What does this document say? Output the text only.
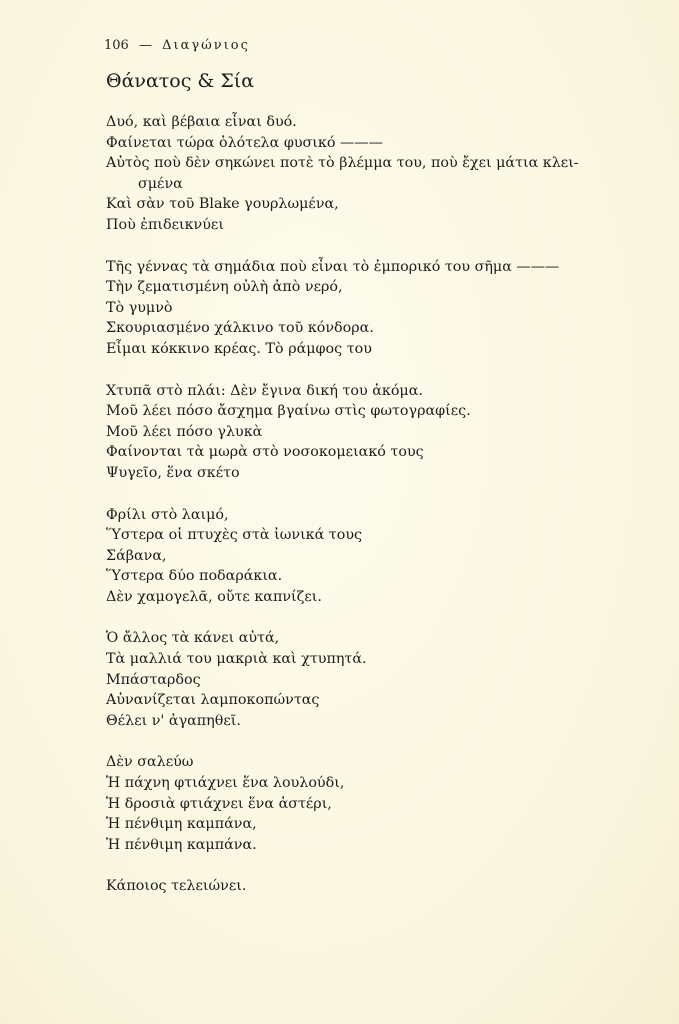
106 — Διαγώνιος
Θάνατος & Σία
Δυό, καὶ βέβαια εἶναι δυό.
Φαίνεται τώρα ὁλότελα φυσικό ———
Αὐτὸς ποὺ δὲν σηκώνει ποτὲ τὸ βλέμμα του, ποὺ ἔχει μάτια κλει-
σμένα
Καὶ σὰν τοῦ Blake γουρλωμένα,
Ποὺ ἐπιδεικνύει
Τῆς γέννας τὰ σημάδια ποὺ εἶναι τὸ ἐμπορικό του σῆμα ———
Τὴν ζεματισμένη οὐλὴ ἀπὸ νερό,
Τὸ γυμνὸ
Σκουριασμένο χάλκινο τοῦ κόνδορα.
Εἶμαι κόκκινο κρέας. Τὸ ράμφος του
Χτυπᾶ στὸ πλάι: Δὲν ἔγινα δική του ἀκόμα.
Μοῦ λέει πόσο ἄσχημα βγαίνω στὶς φωτογραφίες.
Μοῦ λέει πόσο γλυκὰ
Φαίνονται τὰ μωρὰ στὸ νοσοκομειακό τους
Ψυγεῖο, ἕνα σκέτο
Φρίλι στὸ λαιμό,
Ὕστερα οἱ πτυχὲς στὰ ἰωνικά τους
Σάβανα,
Ὕστερα δύο ποδαράκια.
Δὲν χαμογελᾶ, οὔτε καπνίζει.
Ὁ ἄλλος τὰ κάνει αὐτά,
Τὰ μαλλιά του μακριὰ καὶ χτυπητά.
Μπάσταρδος
Αὐνανίζεται λαμποκοπώντας
Θέλει ν' ἀγαπηθεῖ.
Δὲν σαλεύω
Ἡ πάχνη φτιάχνει ἕνα λουλούδι,
Ἡ δροσιὰ φτιάχνει ἕνα ἀστέρι,
Ἡ πένθιμη καμπάνα,
Ἡ πένθιμη καμπάνα.
Κάποιος τελειώνει.
